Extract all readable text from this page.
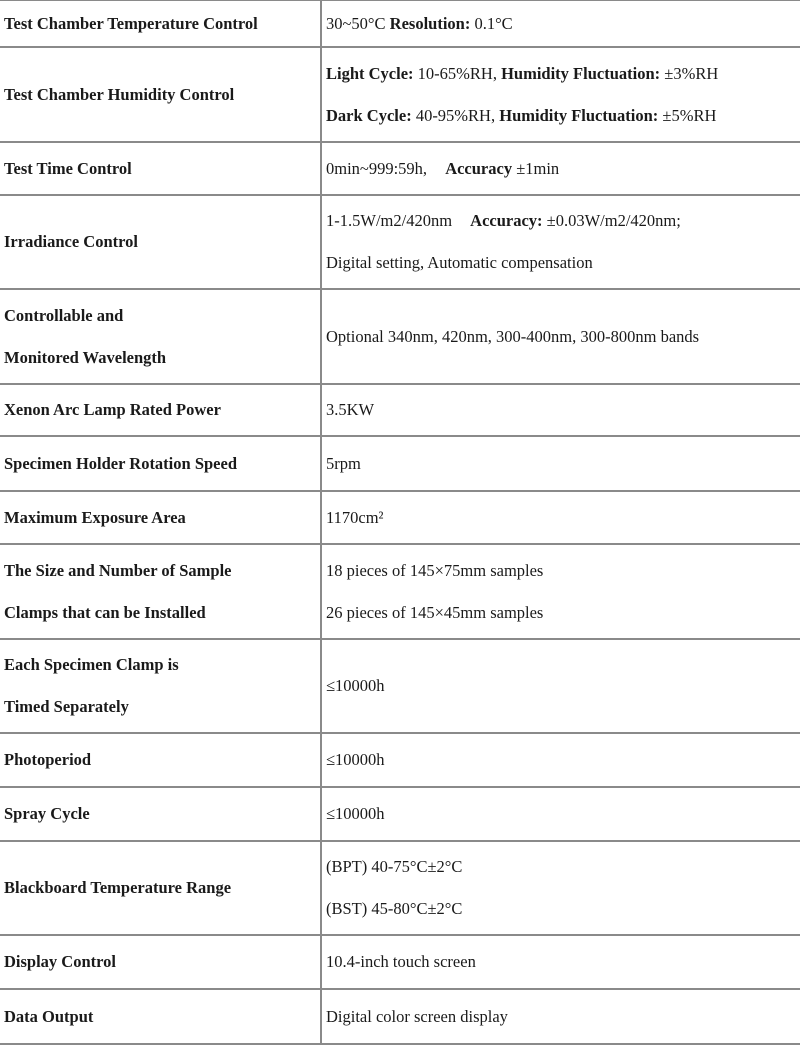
Test Chamber Temperature Control	30~50°C Resolution: 0.1°C
Test Chamber Humidity Control	Light Cycle: 10-65%RH, Humidity Fluctuation: ±3%RH
Dark Cycle: 40-95%RH, Humidity Fluctuation: ±5%RH

Test Time Control	0min~999:59h, Accuracy ±1min
Irradiance Control	1-1.5W/m2/420nm Accuracy: ±0.03W/m2/420nm;
Digital setting, Automatic compensation

Controllable and
Monitored Wavelength	Optional 340nm, 420nm, 300-400nm, 300-800nm bands
Xenon Arc Lamp Rated Power	3.5KW
Specimen Holder Rotation Speed	5rpm
Maximum Exposure Area	1170cm²

The Size and Number of Sample
Clamps that can be Installed	18 pieces of 145×75mm samples
26 pieces of 145×45mm samples

Each Specimen Clamp is
Timed Separately	≤10000h
Photoperiod	≤10000h
Spray Cycle	≤10000h
Blackboard Temperature Range	(BPT) 40-75°C±2°C
(BST) 45-80°C±2°C

Display Control	10.4-inch touch screen
Data Output	Digital color screen display
